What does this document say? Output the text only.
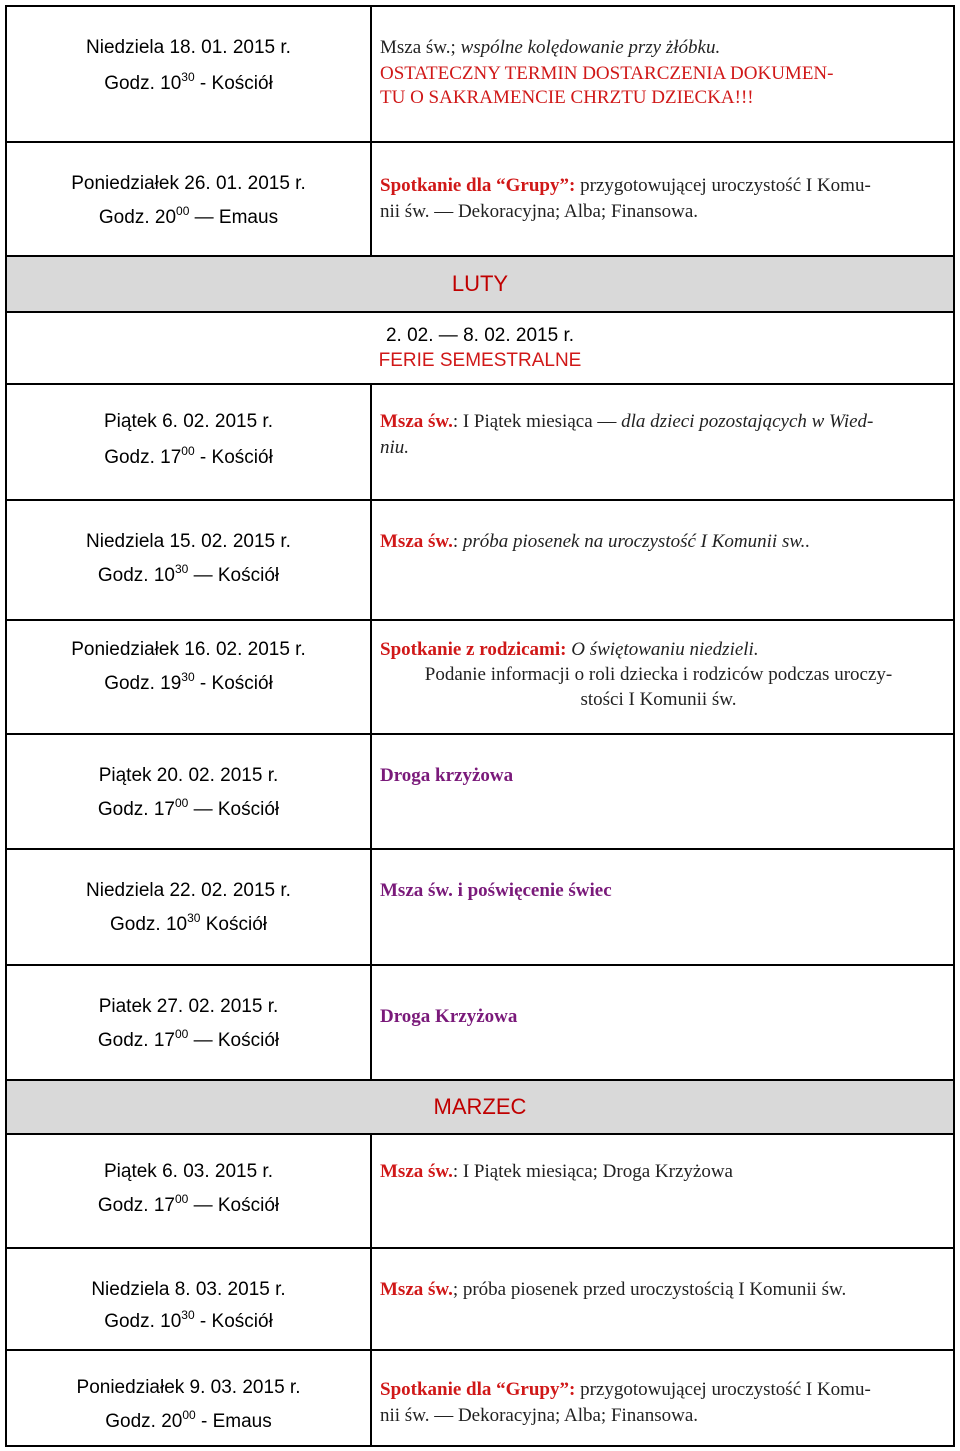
Niedziela 18. 01. 2015 r.
Godz. $10^{30}$ - Kościół
Msza św.; wspólne kolędowanie przy żłóbku.
OSTATECZNY TERMIN DOSTARCZENIA DOKUMEN-
TU O SAKRAMENCIE CHRZTU DZIECKA!!!
Poniedziałek 26. 01. 2015 r.
Godz. $20^{00}$ — Emaus
Spotkanie dla “Grupy”: przygotowującej uroczystość I Komu-
nii św. — Dekoracyjna; Alba; Finansowa.
LUTY
2. 02. — 8. 02. 2015 r.
FERIE SEMESTRALNE
Piątek 6. 02. 2015 r.
Godz. $17^{00}$ - Kościół
Msza św.: I Piątek miesiąca — dla dzieci pozostających w Wied-
niu.
Niedziela 15. 02. 2015 r.
Godz. $10^{30}$ — Kościół
Msza św.: próba piosenek na uroczystość I Komunii sw..
Poniedziałek 16. 02. 2015 r.
Godz. $19^{30}$ - Kościół
Spotkanie z rodzicami: O świętowaniu niedzieli.
Podanie informacji o roli dziecka i rodziców podczas uroczy-
stości I Komunii św.
Piątek 20. 02. 2015 r.
Godz. $17^{00}$ — Kościół
Droga krzyżowa
Niedziela 22. 02. 2015 r.
Godz. $10^{30}$ Kościół
Msza św. i poświęcenie świec
Piatek 27. 02. 2015 r.
Godz. $17^{00}$ — Kościół
Droga Krzyżowa
MARZEC
Piątek 6. 03. 2015 r.
Godz. $17^{00}$ — Kościół
Msza św.: I Piątek miesiąca; Droga Krzyżowa
Niedziela 8. 03. 2015 r.
Godz. $10^{30}$ - Kościół
Msza św.; próba piosenek przed uroczystością I Komunii św.
Poniedziałek 9. 03. 2015 r.
Godz. $20^{00}$ - Emaus
Spotkanie dla “Grupy”: przygotowującej uroczystość I Komu-
nii św. — Dekoracyjna; Alba; Finansowa.
